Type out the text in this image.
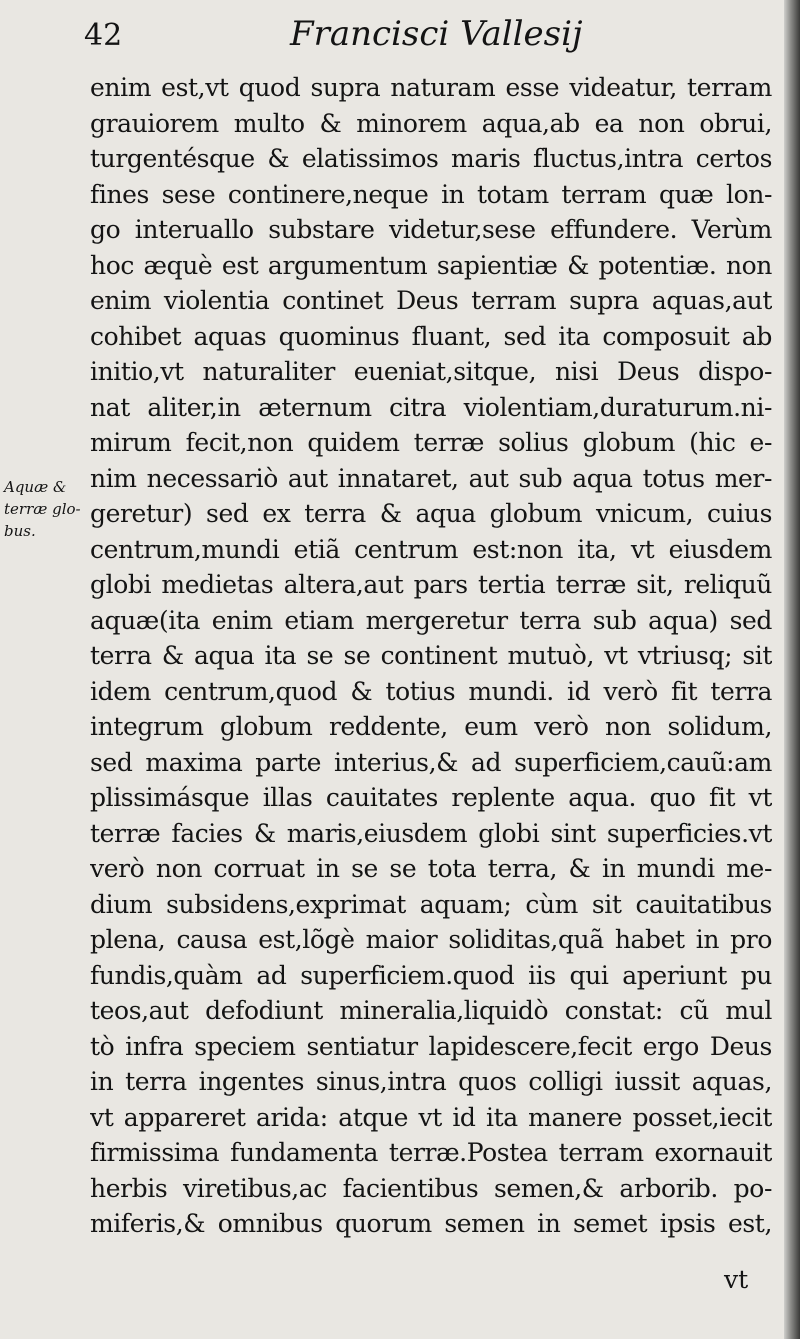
42	Francisci Vallesij
Aquæ &
terræ glo-
bus.
enim est,vt quod supra naturam esse videatur, terram
grauiorem multo & minorem aqua,ab ea non obrui,
turgentésque & elatissimos maris fluctus,intra certos
fines sese continere,neque in totam terram quæ lon-
go interuallo substare videtur,sese effundere. Verùm
hoc æquè est argumentum sapientiæ & potentiæ. non
enim violentia continet Deus terram supra aquas,aut
cohibet aquas quominus fluant, sed ita composuit ab
initio,vt naturaliter eueniat,sitque, nisi Deus dispo-
nat aliter,in æternum citra violentiam,duraturum.ni-
mirum fecit,non quidem terræ solius globum (hic e-
nim necessariò aut innataret, aut sub aqua totus mer-
geretur) sed ex terra & aqua globum vnicum, cuius
centrum,mundi etiã centrum est:non ita, vt eiusdem
globi medietas altera,aut pars tertia terræ sit, reliquũ
aquæ(ita enim etiam mergeretur terra sub aqua) sed
terra & aqua ita se se continent mutuò, vt vtriusq; sit
idem centrum,quod & totius mundi. id verò fit terra
integrum globum reddente, eum verò non solidum,
sed maxima parte interius,& ad superficiem,cauũ:am
plissimásque illas cauitates replente aqua. quo fit vt
terræ facies & maris,eiusdem globi sint superficies.vt
verò non corruat in se se tota terra, & in mundi me-
dium subsidens,exprimat aquam; cùm sit cauitatibus
plena, causa est,lõgè maior soliditas,quã habet in pro
fundis,quàm ad superficiem.quod iis qui aperiunt pu
teos,aut defodiunt mineralia,liquidò constat: cũ mul
tò infra speciem sentiatur lapidescere,fecit ergo Deus
in terra ingentes sinus,intra quos colligi iussit aquas,
vt appareret arida: atque vt id ita manere posset,iecit
firmissima fundamenta terræ.Postea terram exornauit
herbis viretibus,ac facientibus semen,& arborib. po-
miferis,& omnibus quorum semen in semet ipsis est,
vt
